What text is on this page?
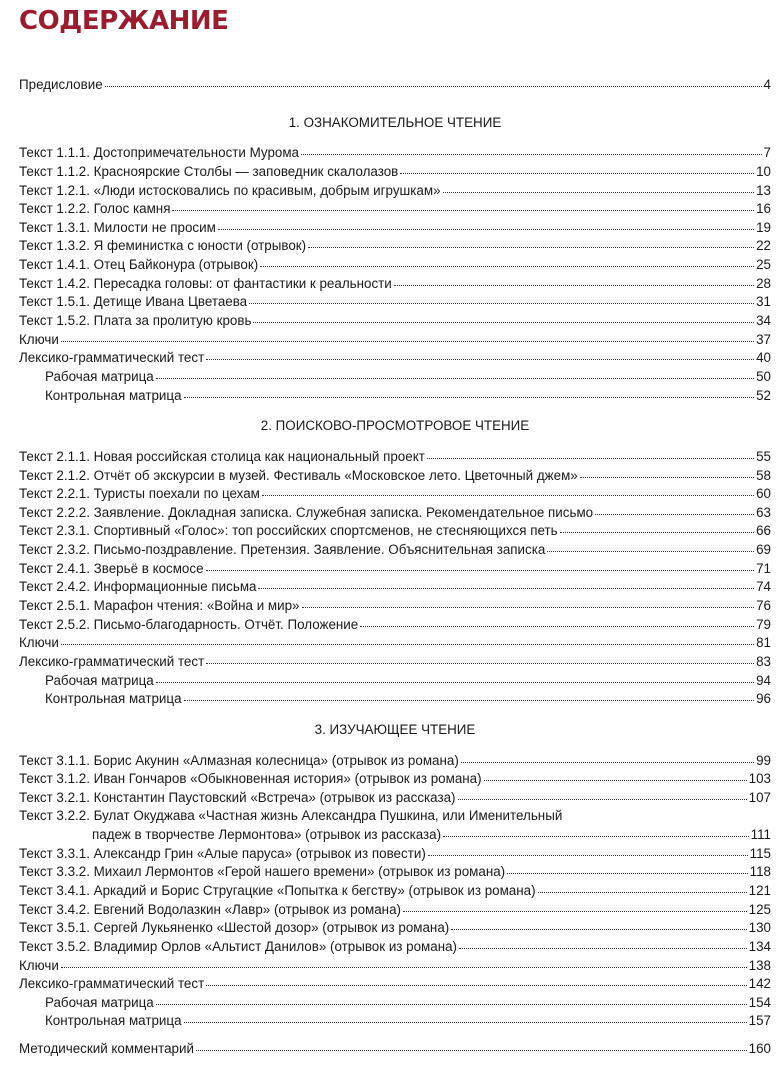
СОДЕРЖАНИЕ
Предисловие	4
1. ОЗНАКОМИТЕЛЬНОЕ ЧТЕНИЕ
Текст 1.1.1. Достопримечательности Мурома	7
Текст 1.1.2. Красноярские Столбы — заповедник скалолазов	10
Текст 1.2.1. «Люди истосковались по красивым, добрым игрушкам»	13
Текст 1.2.2. Голос камня	16
Текст 1.3.1. Милости не просим	19
Текст 1.3.2. Я феминистка с юности (отрывок)	22
Текст 1.4.1. Отец Байконура (отрывок)	25
Текст 1.4.2. Пересадка головы: от фантастики к реальности	28
Текст 1.5.1. Детище Ивана Цветаева	31
Текст 1.5.2. Плата за пролитую кровь	34
Ключи	37
Лексико-грамматический тест	40
Рабочая матрица	50
Контрольная матрица	52
2. ПОИСКОВО-ПРОСМОТРОВОЕ ЧТЕНИЕ
Текст 2.1.1. Новая российская столица как национальный проект	55
Текст 2.1.2. Отчёт об экскурсии в музей. Фестиваль «Московское лето. Цветочный джем»	58
Текст 2.2.1. Туристы поехали по цехам	60
Текст 2.2.2. Заявление. Докладная записка. Служебная записка. Рекомендательное письмо	63
Текст 2.3.1. Спортивный «Голос»: топ российских спортсменов, не стесняющихся петь	66
Текст 2.3.2. Письмо-поздравление. Претензия. Заявление. Объяснительная записка	69
Текст 2.4.1. Зверьё в космосе	71
Текст 2.4.2. Информационные письма	74
Текст 2.5.1. Марафон чтения: «Война и мир»	76
Текст 2.5.2. Письмо-благодарность. Отчёт. Положение	79
Ключи	81
Лексико-грамматический тест	83
Рабочая матрица	94
Контрольная матрица	96
3. ИЗУЧАЮЩЕЕ ЧТЕНИЕ
Текст 3.1.1. Борис Акунин «Алмазная колесница» (отрывок из романа)	99
Текст 3.1.2. Иван Гончаров «Обыкновенная история» (отрывок из романа)	103
Текст 3.2.1. Константин Паустовский «Встреча» (отрывок из рассказа)	107
Текст 3.2.2. Булат Окуджава «Частная жизнь Александра Пушкина, или Именительный
падеж в творчестве Лермонтова» (отрывок из рассказа)	111
Текст 3.3.1. Александр Грин «Алые паруса» (отрывок из повести)	115
Текст 3.3.2. Михаил Лермонтов «Герой нашего времени» (отрывок из романа)	118
Текст 3.4.1. Аркадий и Борис Стругацкие «Попытка к бегству» (отрывок из романа)	121
Текст 3.4.2. Евгений Водолазкин «Лавр» (отрывок из романа)	125
Текст 3.5.1. Сергей Лукьяненко «Шестой дозор» (отрывок из романа)	130
Текст 3.5.2. Владимир Орлов «Альтист Данилов» (отрывок из романа)	134
Ключи	138
Лексико-грамматический тест	142
Рабочая матрица	154
Контрольная матрица	157
Методический комментарий	160
